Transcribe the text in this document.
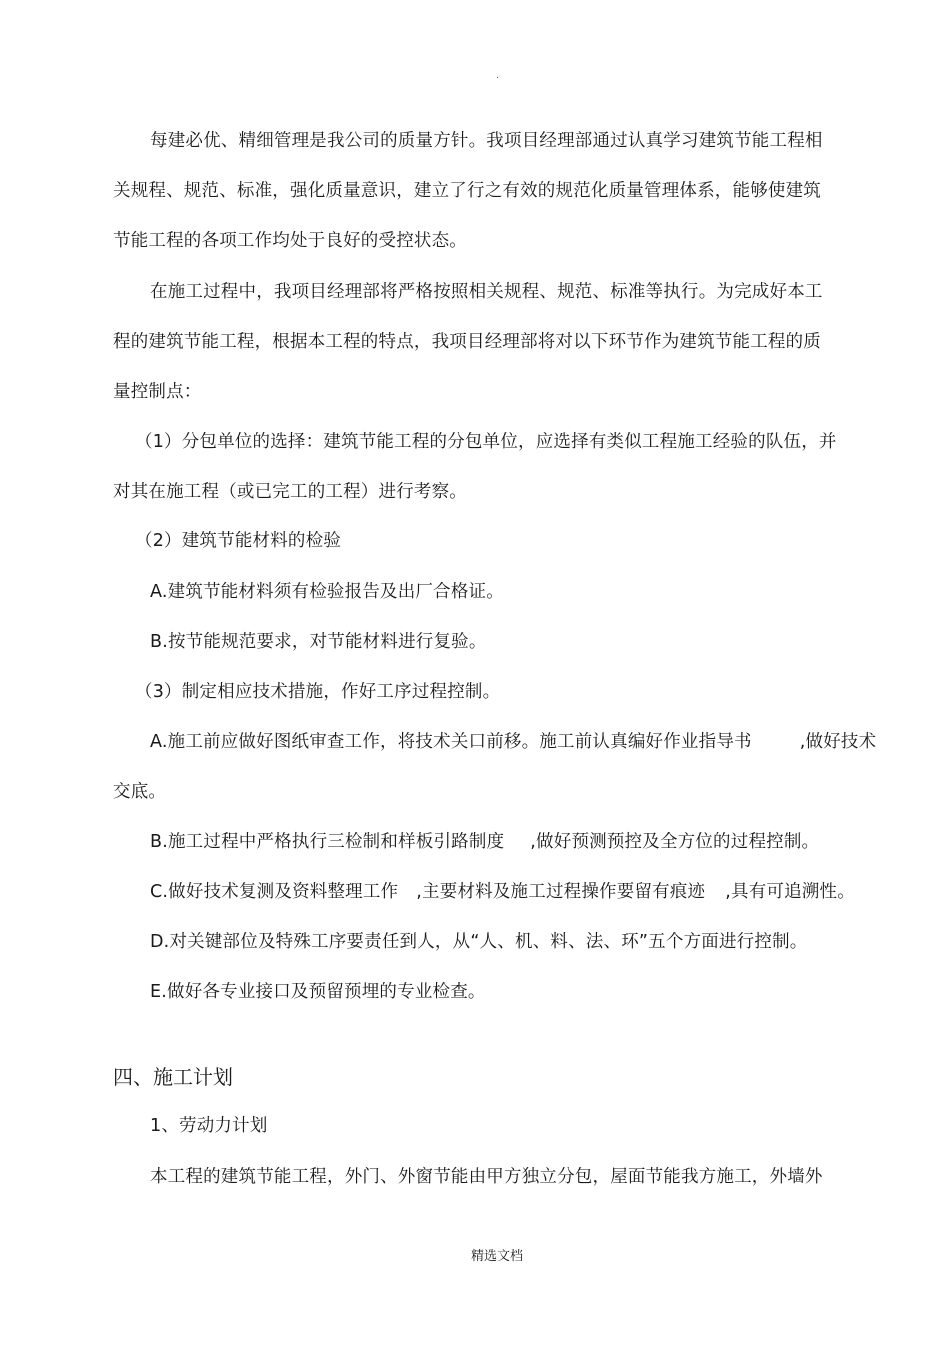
.
每建必优、精细管理是我公司的质量方针。我项目经理部通过认真学习建筑节能工程相
关规程、规范、标准，强化质量意识，建立了行之有效的规范化质量管理体系，能够使建筑
节能工程的各项工作均处于良好的受控状态。
在施工过程中，我项目经理部将严格按照相关规程、规范、标准等执行。为完成好本工
程的建筑节能工程，根据本工程的特点，我项目经理部将对以下环节作为建筑节能工程的质
量控制点：
（1）分包单位的选择：建筑节能工程的分包单位，应选择有类似工程施工经验的队伍，并
对其在施工程（或已完工的工程）进行考察。
（2）建筑节能材料的检验
A.建筑节能材料须有检验报告及出厂合格证。
B.按节能规范要求，对节能材料进行复验。
（3）制定相应技术措施，作好工序过程控制。
A.施工前应做好图纸审查工作，将技术关口前移。施工前认真编好作业指导书	,做好技术
交底。
B.施工过程中严格执行三检制和样板引路制度 ,做好预测预控及全方位的过程控制。
C.做好技术复测及资料整理工作 ,主要材料及施工过程操作要留有痕迹 ,具有可追溯性。
D.对关键部位及特殊工序要责任到人，从“人、机、料、法、环”五个方面进行控制。
E.做好各专业接口及预留预埋的专业检查。
四、施工计划
1、劳动力计划
本工程的建筑节能工程，外门、外窗节能由甲方独立分包，屋面节能我方施工，外墙外
精选文档
